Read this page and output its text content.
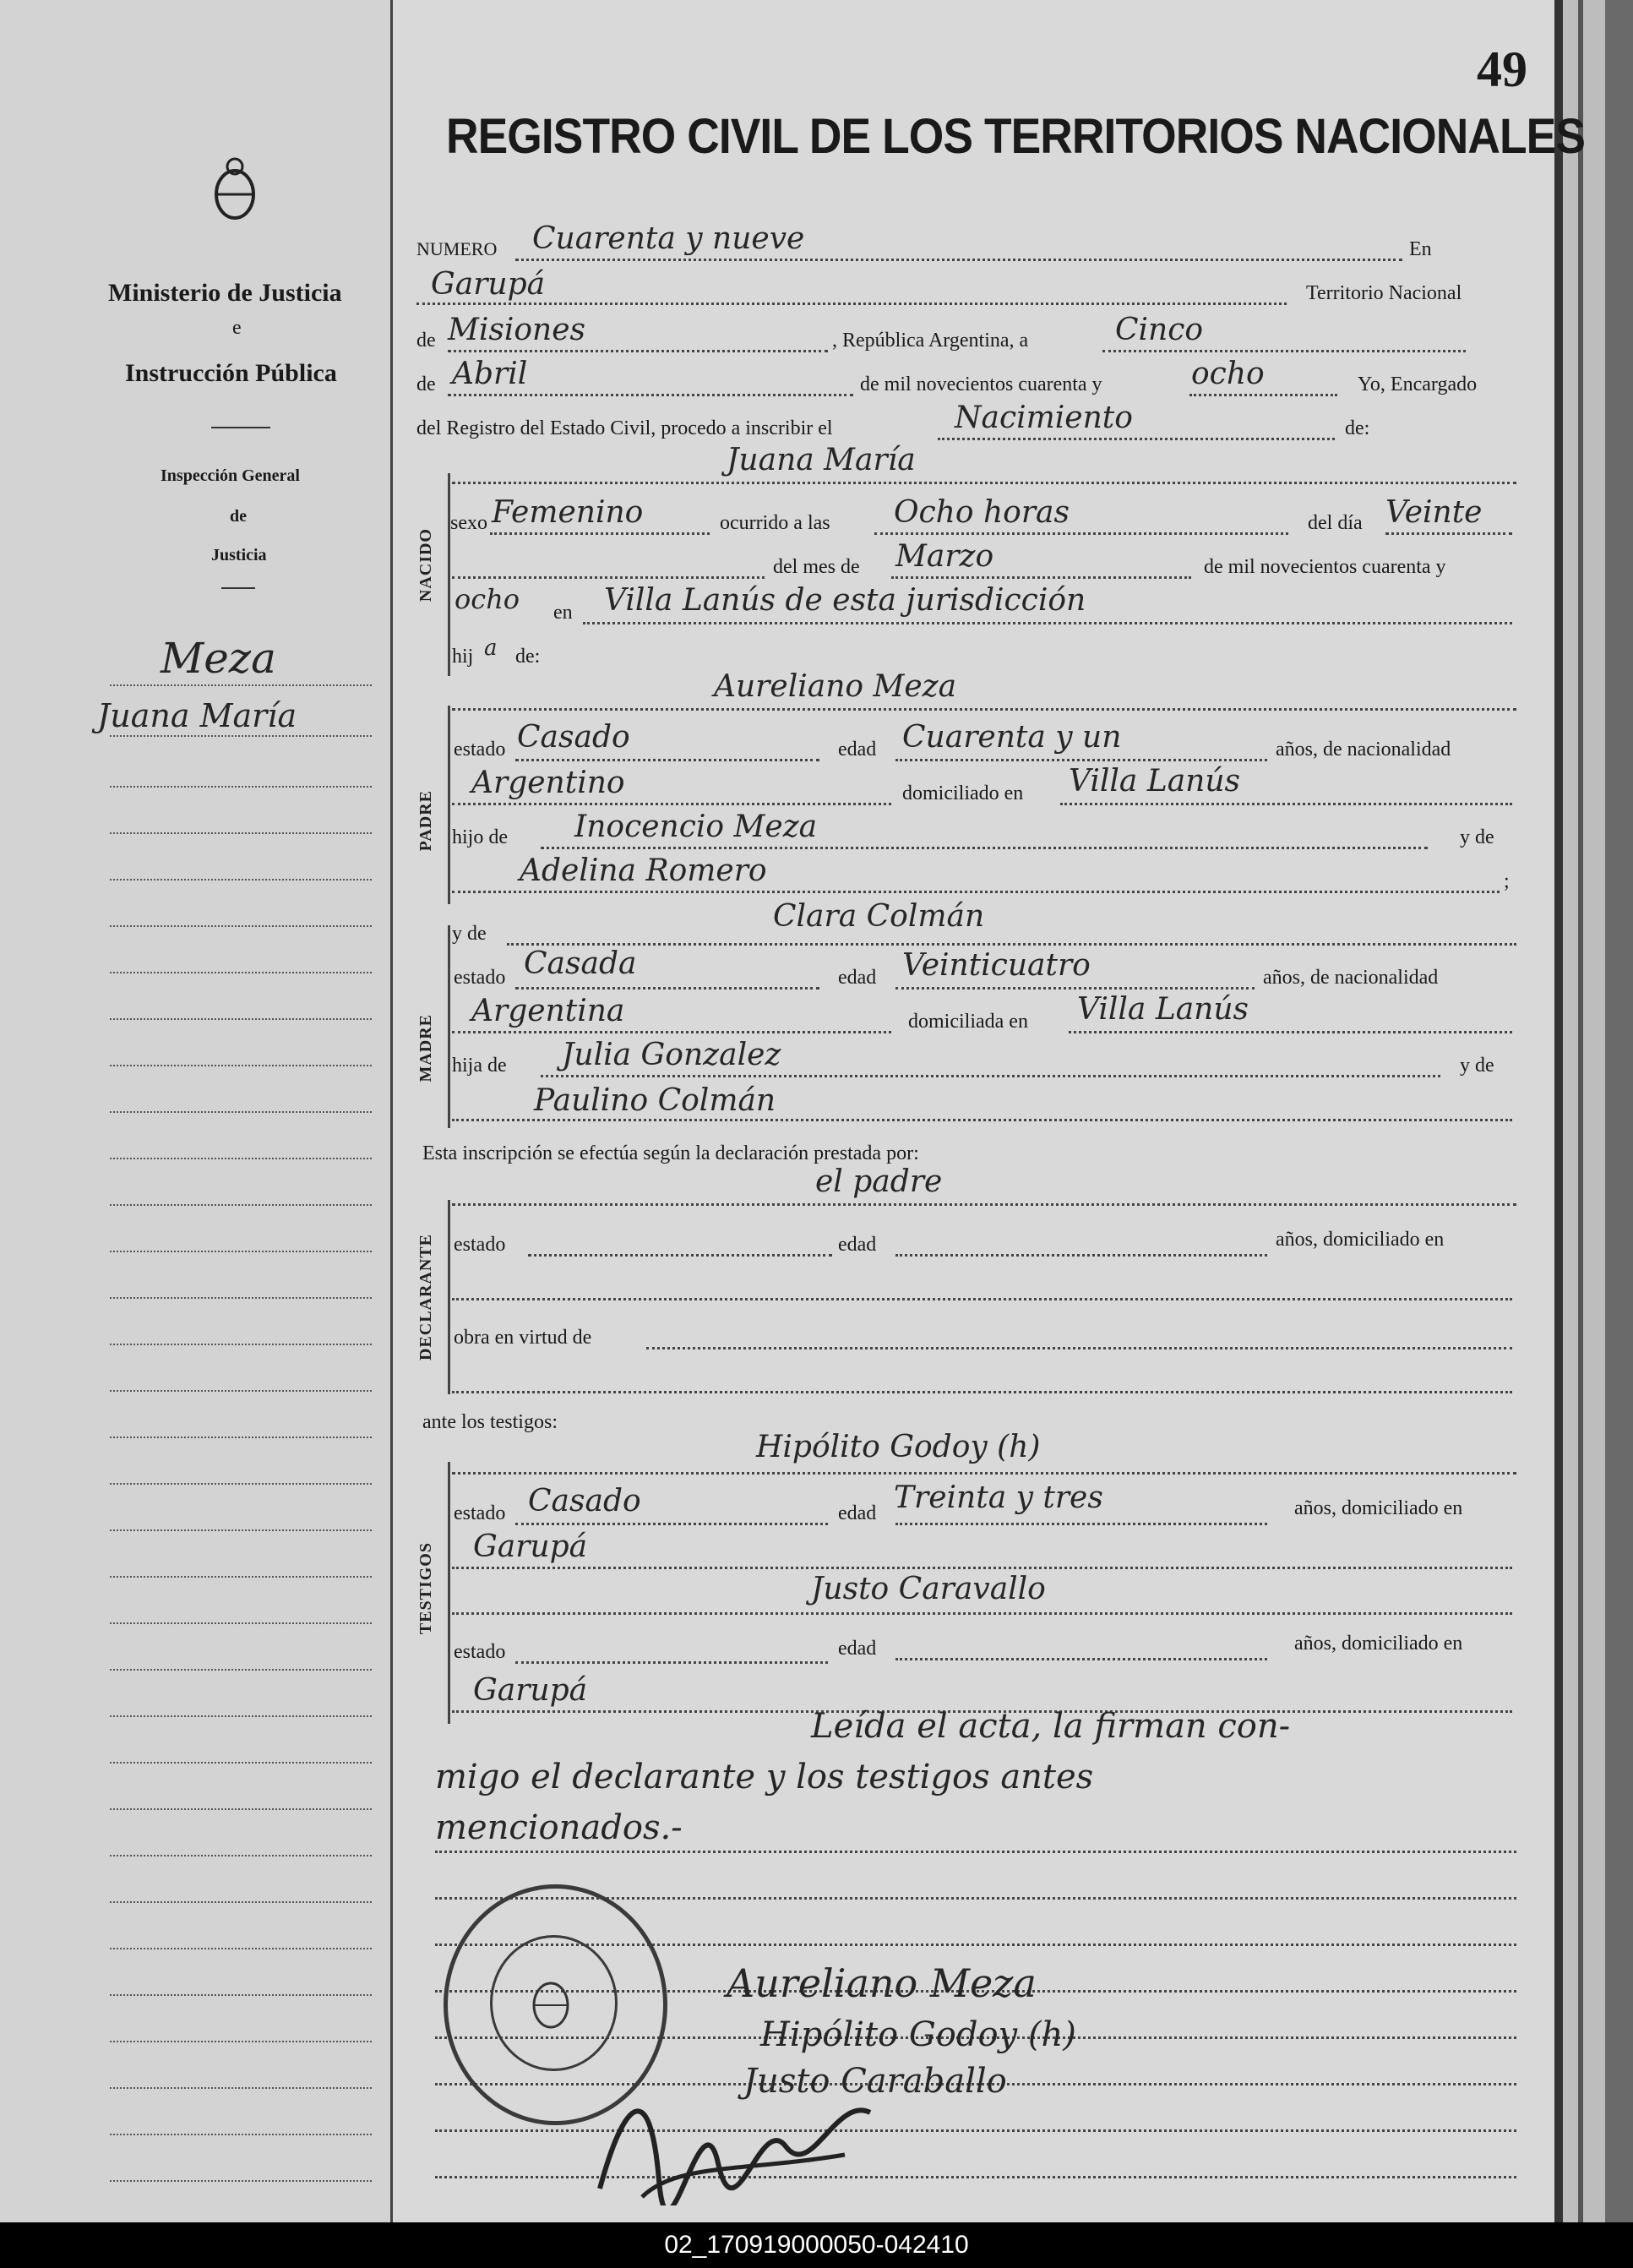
Ministerio de Justicia
e
Instrucción Pública
Inspección General
de
Justicia
Meza
Juana María
49
REGISTRO CIVIL DE LOS TERRITORIOS NACIONALES
NUMERO Cuarenta y nueve	En
Garupá	Territorio Nacional
de Misiones	, República Argentina, a	Cinco
de Abril	de mil novecientos cuarenta y	ocho	Yo, Encargado
del Registro del Estado Civil, procedo a inscribir el	Nacimiento	de:
NACIDO
Juana María
sexo Femenino	ocurrido a las Ocho horas	del día Veinte
del mes de Marzo	de mil novecientos cuarenta y
ocho en Villa Lanús de esta jurisdicción
hij a de:
PADRE
Aureliano Meza
estado Casado	edad Cuarenta y un	años, de nacionalidad
Argentino	domiciliado en Villa Lanús
hijo de Inocencio Meza	y de
Adelina Romero	;
MADRE
y de	Clara Colmán
estado Casada	edad Veinticuatro	años, de nacionalidad
Argentina	domiciliada en Villa Lanús
hija de Julia Gonzalez	y de
Paulino Colmán
Esta inscripción se efectúa según la declaración prestada por:
DECLARANTE
el padre
estado	edad	años, domiciliado en
obra en virtud de
ante los testigos:
TESTIGOS
Hipólito Godoy (h)
estado Casado	edad Treinta y tres	años, domiciliado en
Garupá
Justo Caravallo
estado	edad	años, domiciliado en
Garupá
Leída el acta, la firman con-
migo el declarante y los testigos antes
mencionados.-
Aureliano Meza
Hipólito Godoy (h)
Justo Caraballo
02_170919000050-042410
